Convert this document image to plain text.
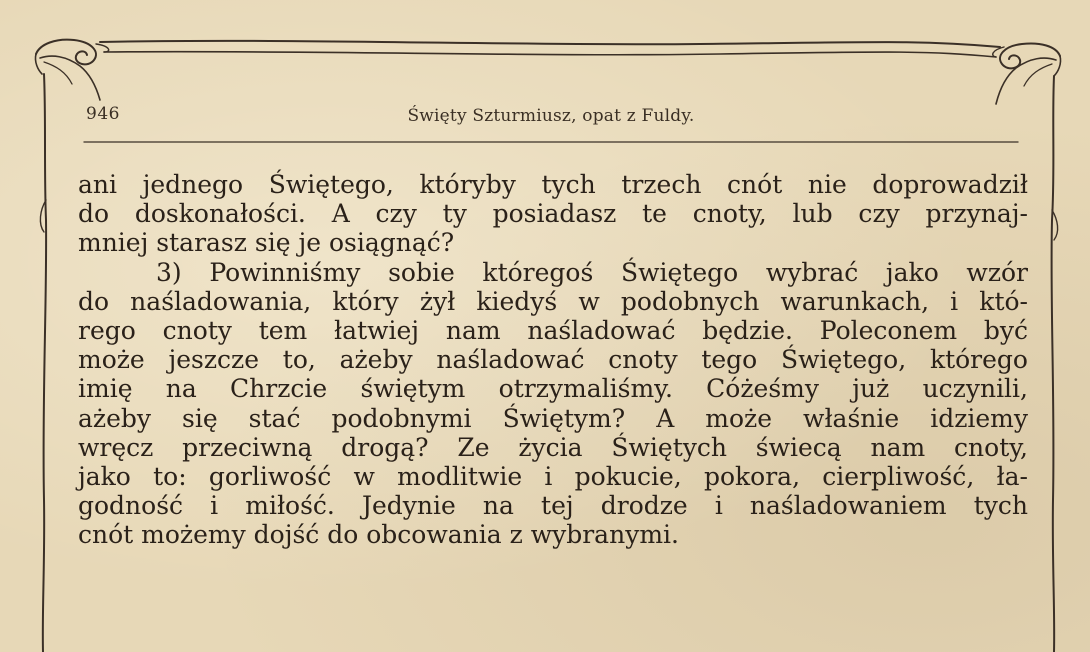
946	Święty Szturmiusz, opat z Fuldy.
ani jednego Świętego, któryby tych trzech cnót nie doprowadził
do doskonałości. A czy ty posiadasz te cnoty, lub czy przynaj-
mniej starasz się je osiągnąć?
3) Powinniśmy sobie któregoś Świętego wybrać jako wzór
do naśladowania, który żył kiedyś w podobnych warunkach, i któ-
rego cnoty tem łatwiej nam naśladować będzie. Poleconem być
może jeszcze to, ażeby naśladować cnoty tego Świętego, którego
imię na Chrzcie świętym otrzymaliśmy. Cóżeśmy już uczynili,
ażeby się stać podobnymi Świętym? A może właśnie idziemy
wręcz przeciwną drogą? Ze życia Świętych świecą nam cnoty,
jako to: gorliwość w modlitwie i pokucie, pokora, cierpliwość, ła-
godność i miłość. Jedynie na tej drodze i naśladowaniem tych
cnót możemy dojść do obcowania z wybranymi.
